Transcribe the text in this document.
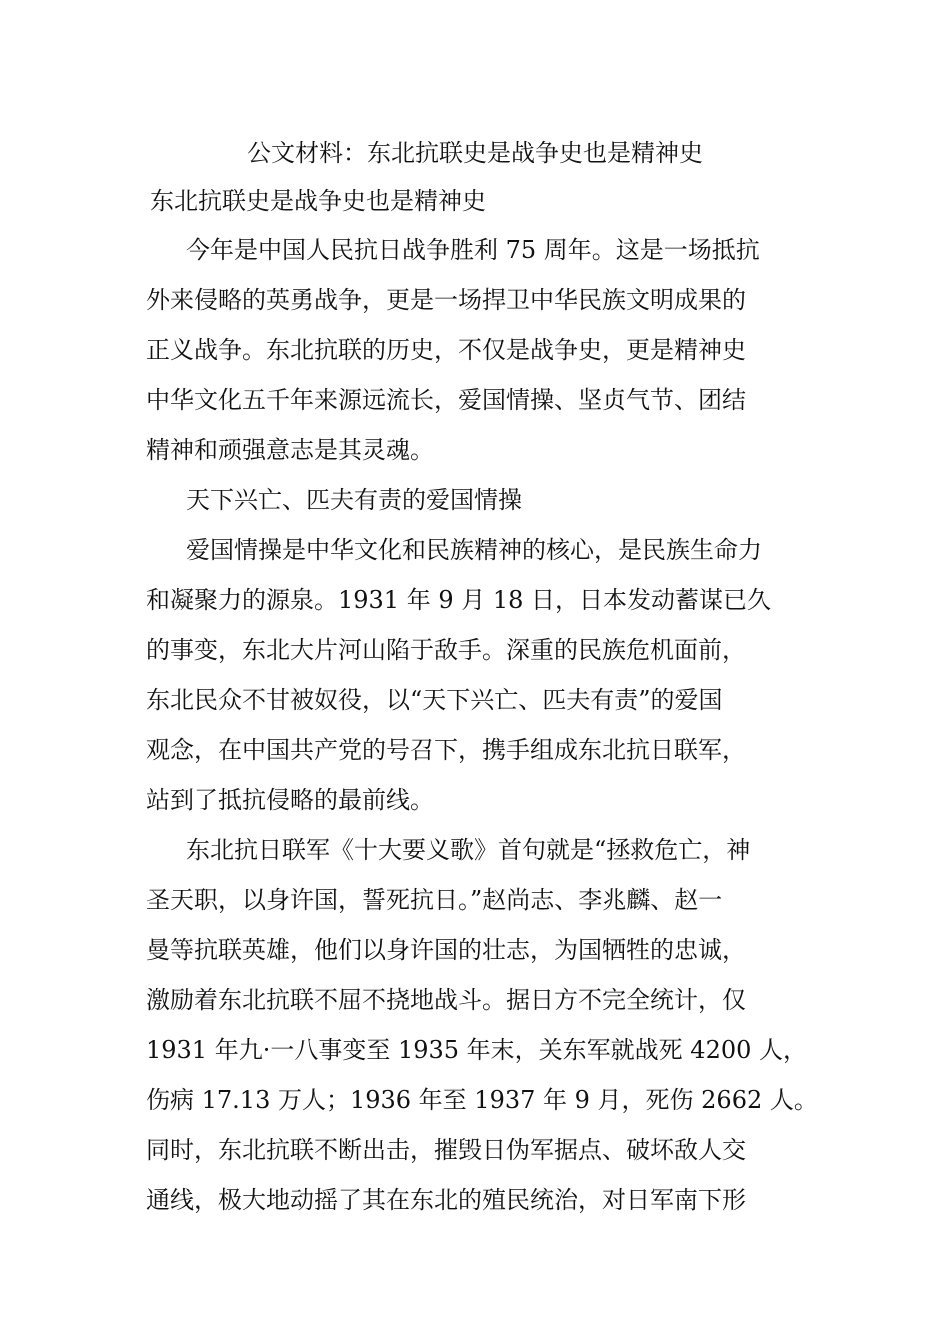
公文材料：东北抗联史是战争史也是精神史
东北抗联史是战争史也是精神史
今年是中国人民抗日战争胜利 75 周年。这是一场抵抗
外来侵略的英勇战争，更是一场捍卫中华民族文明成果的
正义战争。东北抗联的历史，不仅是战争史，更是精神史
中华文化五千年来源远流长，爱国情操、坚贞气节、团结
精神和顽强意志是其灵魂。
天下兴亡、匹夫有责的爱国情操
爱国情操是中华文化和民族精神的核心，是民族生命力
和凝聚力的源泉。1931 年 9 月 18 日，日本发动蓄谋已久
的事变，东北大片河山陷于敌手。深重的民族危机面前，
东北民众不甘被奴役，以“天下兴亡、匹夫有责”的爱国
观念，在中国共产党的号召下，携手组成东北抗日联军，
站到了抵抗侵略的最前线。
东北抗日联军《十大要义歌》首句就是“拯救危亡，神
圣天职，以身许国，誓死抗日。”赵尚志、李兆麟、赵一
曼等抗联英雄，他们以身许国的壮志，为国牺牲的忠诚，
激励着东北抗联不屈不挠地战斗。据日方不完全统计，仅
1931 年九·一八事变至 1935 年末，关东军就战死 4200 人，
伤病 17.13 万人；1936 年至 1937 年 9 月，死伤 2662 人。
同时，东北抗联不断出击，摧毁日伪军据点、破坏敌人交
通线，极大地动摇了其在东北的殖民统治，对日军南下形
